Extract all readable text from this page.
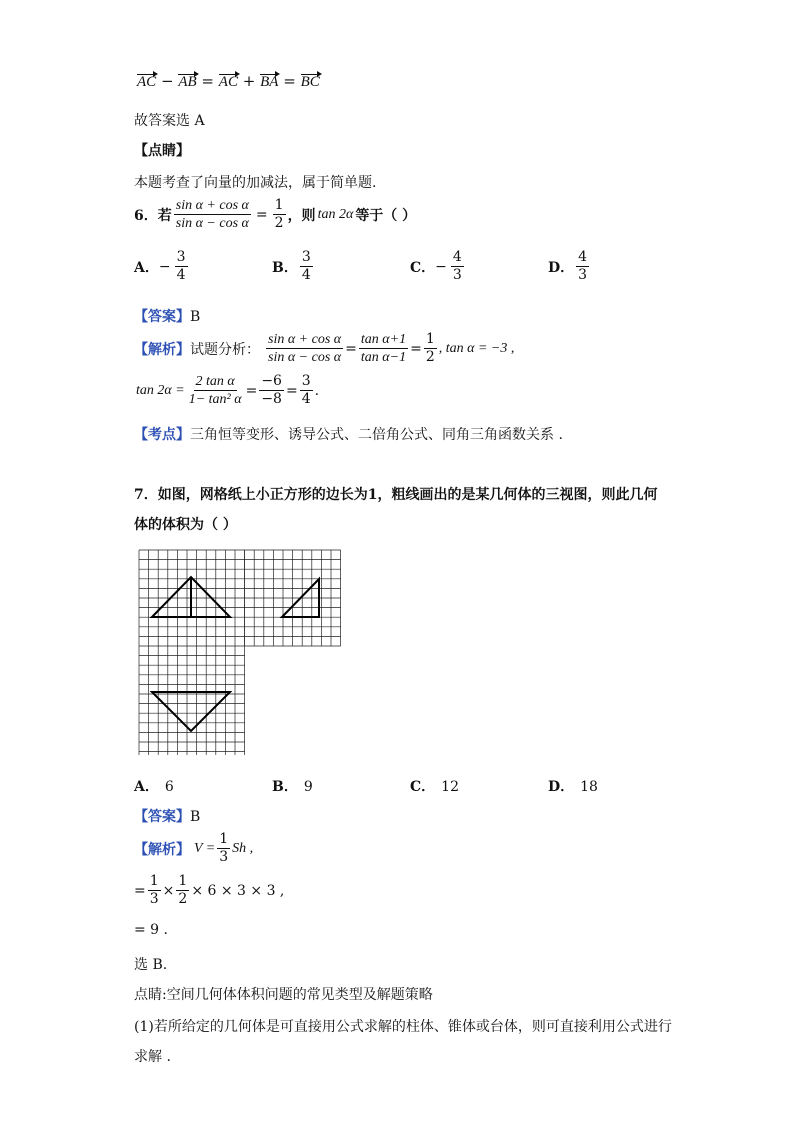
AC − AB = AC + BA = BC
故答案选 A
【点睛】
本题考查了向量的加减法，属于简单题.
6．若 $\frac{\text{sin α + cos α}}{\text{sin α − cos α}} = \frac{1}{2}$ ，则 tan 2α 等于（ ）
A． − $\frac{3}{4}$	B． $\frac{3}{4}$	C． − $\frac{4}{3}$	D． $\frac{4}{3}$
【答案】B
【解析】 试题分析： $\frac{\text{sin α + cos α}}{\text{sin α − cos α}} = \frac{\text{tan α+1}}{\text{tan α−1}} = \frac{1}{2}$ , tan α = −3 ,
$\tan 2\alpha = \frac{\text{2 tan α}}{\text{1− tan² α}} = \frac{-6}{-8} = \frac{3}{4}$ .
【考点】三角恒等变形、诱导公式、二倍角公式、同角三角函数关系 .
7．如图，网格纸上小正方形的边长为1，粗线画出的是某几何体的三视图，则此几何
体的体积为（ ）
A． 6	B． 9	C． 12	D． 18
【答案】B
【解析】 $V = \frac{1}{3}$ Sh ,
= $\frac{1}{3} \times \frac{1}{2} \times 6 \times 3 \times 3$ ,
= 9 .
选 B.
点睛:空间几何体体积问题的常见类型及解题策略
(1)若所给定的几何体是可直接用公式求解的柱体、锥体或台体，则可直接利用公式进行
求解 .
